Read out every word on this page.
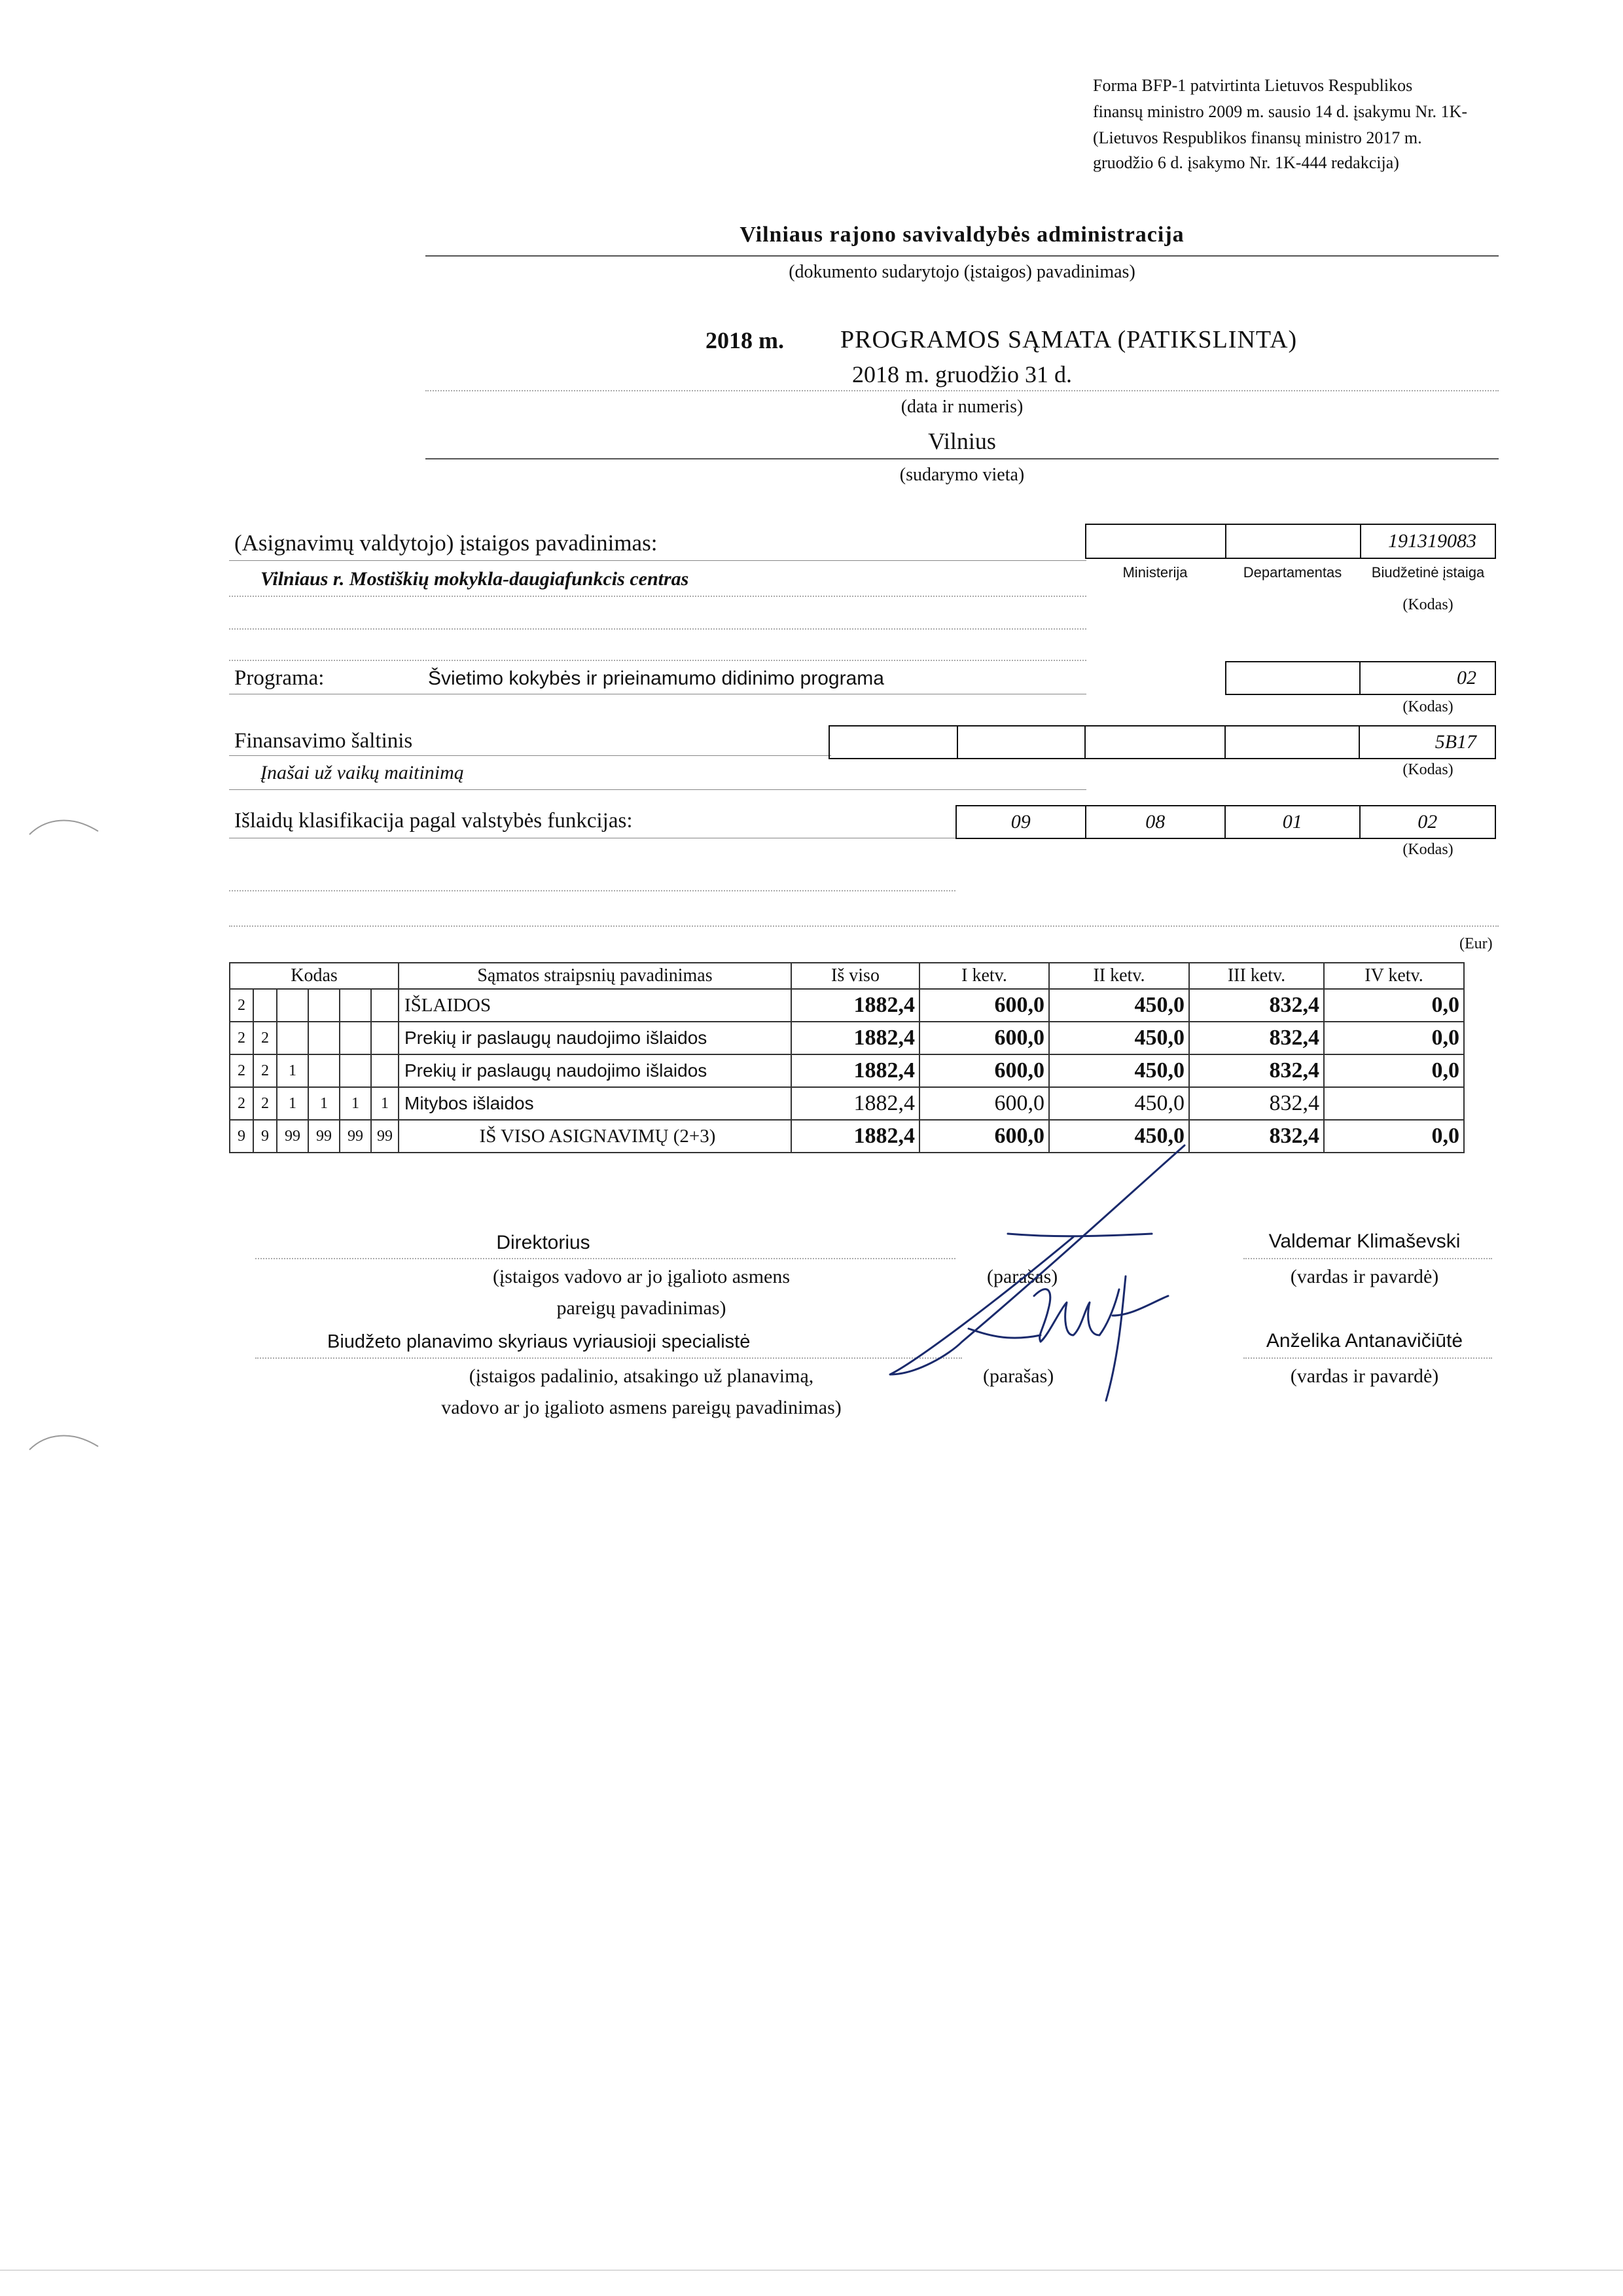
Forma BFP-1 patvirtinta Lietuvos Respublikos
finansų ministro 2009 m. sausio 14 d. įsakymu Nr. 1K-
(Lietuvos Respublikos finansų ministro 2017 m.
gruodžio 6 d. įsakymo Nr. 1K-444 redakcija)
Vilniaus rajono savivaldybės administracija
(dokumento sudarytojo (įstaigos) pavadinimas)
2018 m. PROGRAMOS SĄMATA (PATIKSLINTA)
2018 m. gruodžio 31 d.
(data ir numeris)
Vilnius
(sudarymo vieta)
(Asignavimų valdytojo) įstaigos pavadinimas:
Vilniaus r. Mostiškių mokykla-daugiafunkcis centras
191319083
Ministerija	Departamentas	Biudžetinė įstaiga
(Kodas)
Programa:	Švietimo kokybės ir prieinamumo didinimo programa	02
(Kodas)
Finansavimo šaltinis
Įnašai už vaikų maitinimą
5B17
(Kodas)
Išlaidų klasifikacija pagal valstybės funkcijas:	09	08	01	02
(Kodas)
(Eur)
Kodas						Sąmatos straipsnių pavadinimas	Iš viso	I ketv.	II ketv.	III ketv.	IV ketv.
2						IŠLAIDOS	1882,4	600,0	450,0	832,4	0,0
2	2					Prekių ir paslaugų naudojimo išlaidos	1882,4	600,0	450,0	832,4	0,0
2	2	1				Prekių ir paslaugų naudojimo išlaidos	1882,4	600,0	450,0	832,4	0,0
2	2	1	1	1	1	Mitybos išlaidos	1882,4	600,0	450,0	832,4	
9	9	99	99	99	99	IŠ VISO ASIGNAVIMŲ (2+3)	1882,4	600,0	450,0	832,4	0,0
Direktorius
(įstaigos vadovo ar jo įgalioto asmens
pareigų pavadinimas)
(parašas)
Valdemar Klimaševski
(vardas ir pavardė)
Biudžeto planavimo skyriaus vyriausioji specialistė
(įstaigos padalinio, atsakingo už planavimą,
vadovo ar jo įgalioto asmens pareigų pavadinimas)
(parašas)
Anželika Antanavičiūtė
(vardas ir pavardė)
